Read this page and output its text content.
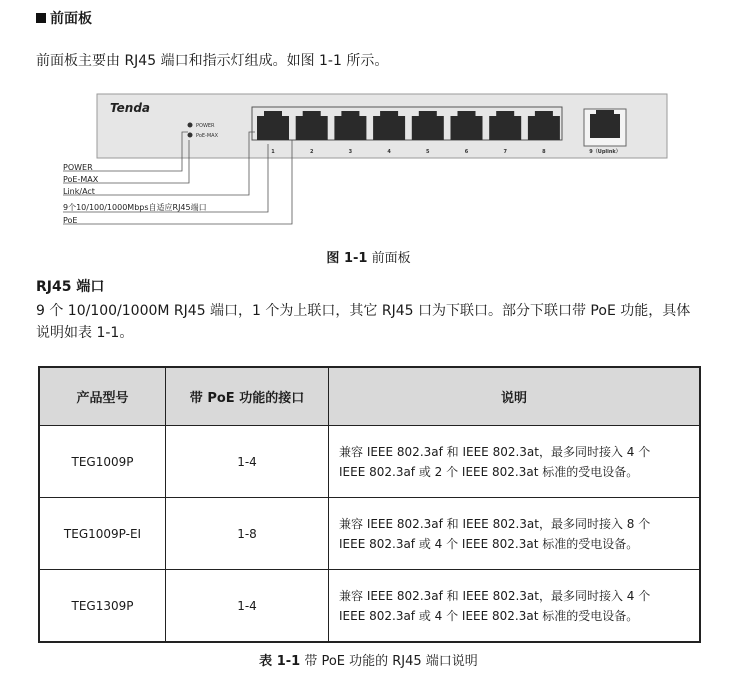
前面板
前面板主要由 RJ45 端口和指示灯组成。如图 1-1 所示。
Tenda
POWER
PoE-MAX
1	2	3	4	5	6	7	8	9（Uplink）
POWER
PoE-MAX
Link/Act
9个10/100/1000Mbps自适应RJ45端口
PoE
图 1-1 前面板
RJ45 端口
9 个 10/100/1000M RJ45 端口，1 个为上联口，其它 RJ45 口为下联口。部分下联口带 PoE 功能，具体说明如表 1-1。
产品型号	带 PoE 功能的接口	说明
TEG1009P	1-4	兼容 IEEE 802.3af 和 IEEE 802.3at，最多同时接入 4 个
IEEE 802.3af 或 2 个 IEEE 802.3at 标准的受电设备。
TEG1009P-EI	1-8	兼容 IEEE 802.3af 和 IEEE 802.3at，最多同时接入 8 个
IEEE 802.3af 或 4 个 IEEE 802.3at 标准的受电设备。
TEG1309P	1-4	兼容 IEEE 802.3af 和 IEEE 802.3at，最多同时接入 4 个
IEEE 802.3af 或 4 个 IEEE 802.3at 标准的受电设备。
表 1-1 带 PoE 功能的 RJ45 端口说明
